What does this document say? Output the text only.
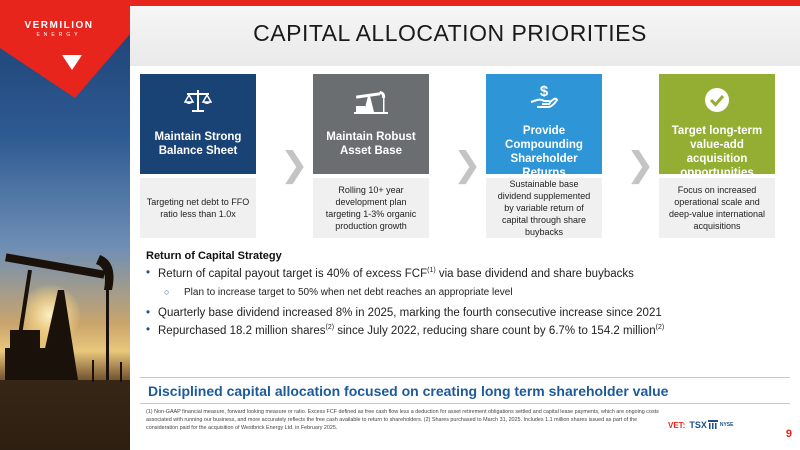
VERMILION
ENERGY	CAPITAL ALLOCATION PRIORITIES
Maintain Strong Balance Sheet
Targeting net debt to FFO ratio less than 1.0x
❯
Maintain Robust Asset Base
Rolling 10+ year development plan targeting 1-3% organic production growth
❯
$
Provide Compounding Shareholder Returns
Sustainable base dividend supplemented by variable return of capital through share buybacks
❯
Target long-term value-add acquisition opportunities
Focus on increased operational scale and deep-value international acquisitions
Return of Capital Strategy
• Return of capital payout target is 40% of excess FCF$^{(1)}$ via base dividend and share buybacks
○ Plan to increase target to 50% when net debt reaches an appropriate level
• Quarterly base dividend increased 8% in 2025, marking the fourth consecutive increase since 2021
• Repurchased 18.2 million shares$^{(2)}$ since July 2022, reducing share count by 6.7% to 154.2 million$^{(2)}$
Disciplined capital allocation focused on creating long term shareholder value
(1) Non-GAAP financial measure, forward looking measure or ratio. Excess FCF defined as free cash flow less a deduction for asset retirement obligations settled and capital lease payments, which are ongoing costs associated with running our business, and more accurately reflects the free cash available to return to shareholders. (2) Shares purchased to March 31, 2025. Includes 1.1 million shares issued as part of the consideration paid for the acquisition of Westbrick Energy Ltd. in February 2025.	VET: TSX	NYSE
9
